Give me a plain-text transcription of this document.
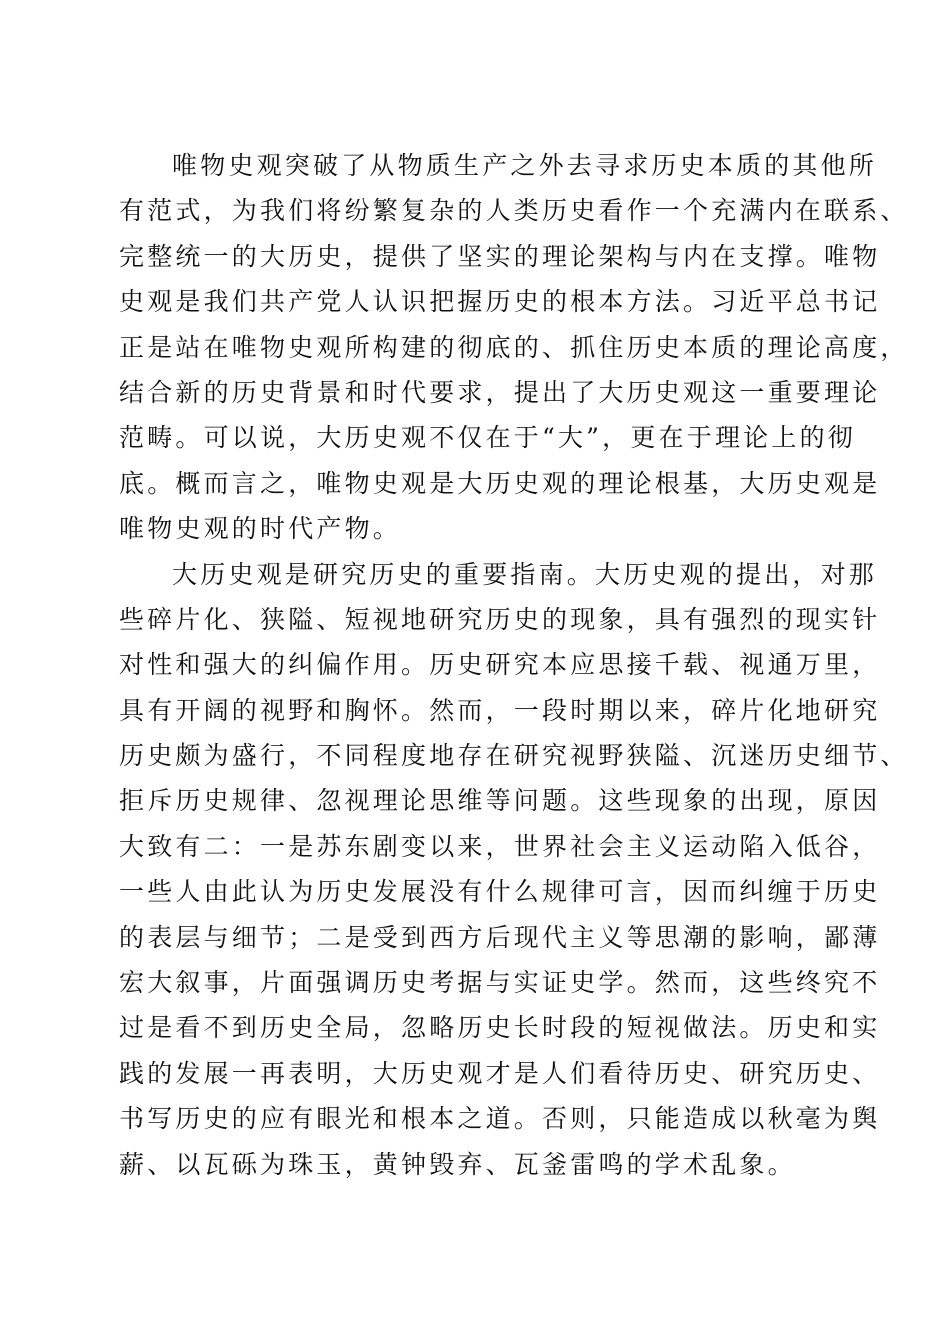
唯物史观突破了从物质生产之外去寻求历史本质的其他所
有范式，为我们将纷繁复杂的人类历史看作一个充满内在联系、
完整统一的大历史，提供了坚实的理论架构与内在支撑。唯物
史观是我们共产党人认识把握历史的根本方法。习近平总书记
正是站在唯物史观所构建的彻底的、抓住历史本质的理论高度，
结合新的历史背景和时代要求，提出了大历史观这一重要理论
范畴。可以说，大历史观不仅在于“大”，更在于理论上的彻
底。概而言之，唯物史观是大历史观的理论根基，大历史观是
唯物史观的时代产物。
大历史观是研究历史的重要指南。大历史观的提出，对那
些碎片化、狭隘、短视地研究历史的现象，具有强烈的现实针
对性和强大的纠偏作用。历史研究本应思接千载、视通万里，
具有开阔的视野和胸怀。然而，一段时期以来，碎片化地研究
历史颇为盛行，不同程度地存在研究视野狭隘、沉迷历史细节、
拒斥历史规律、忽视理论思维等问题。这些现象的出现，原因
大致有二：一是苏东剧变以来，世界社会主义运动陷入低谷，
一些人由此认为历史发展没有什么规律可言，因而纠缠于历史
的表层与细节；二是受到西方后现代主义等思潮的影响，鄙薄
宏大叙事，片面强调历史考据与实证史学。然而，这些终究不
过是看不到历史全局，忽略历史长时段的短视做法。历史和实
践的发展一再表明，大历史观才是人们看待历史、研究历史、
书写历史的应有眼光和根本之道。否则，只能造成以秋毫为舆
薪、以瓦砾为珠玉，黄钟毁弃、瓦釜雷鸣的学术乱象。
